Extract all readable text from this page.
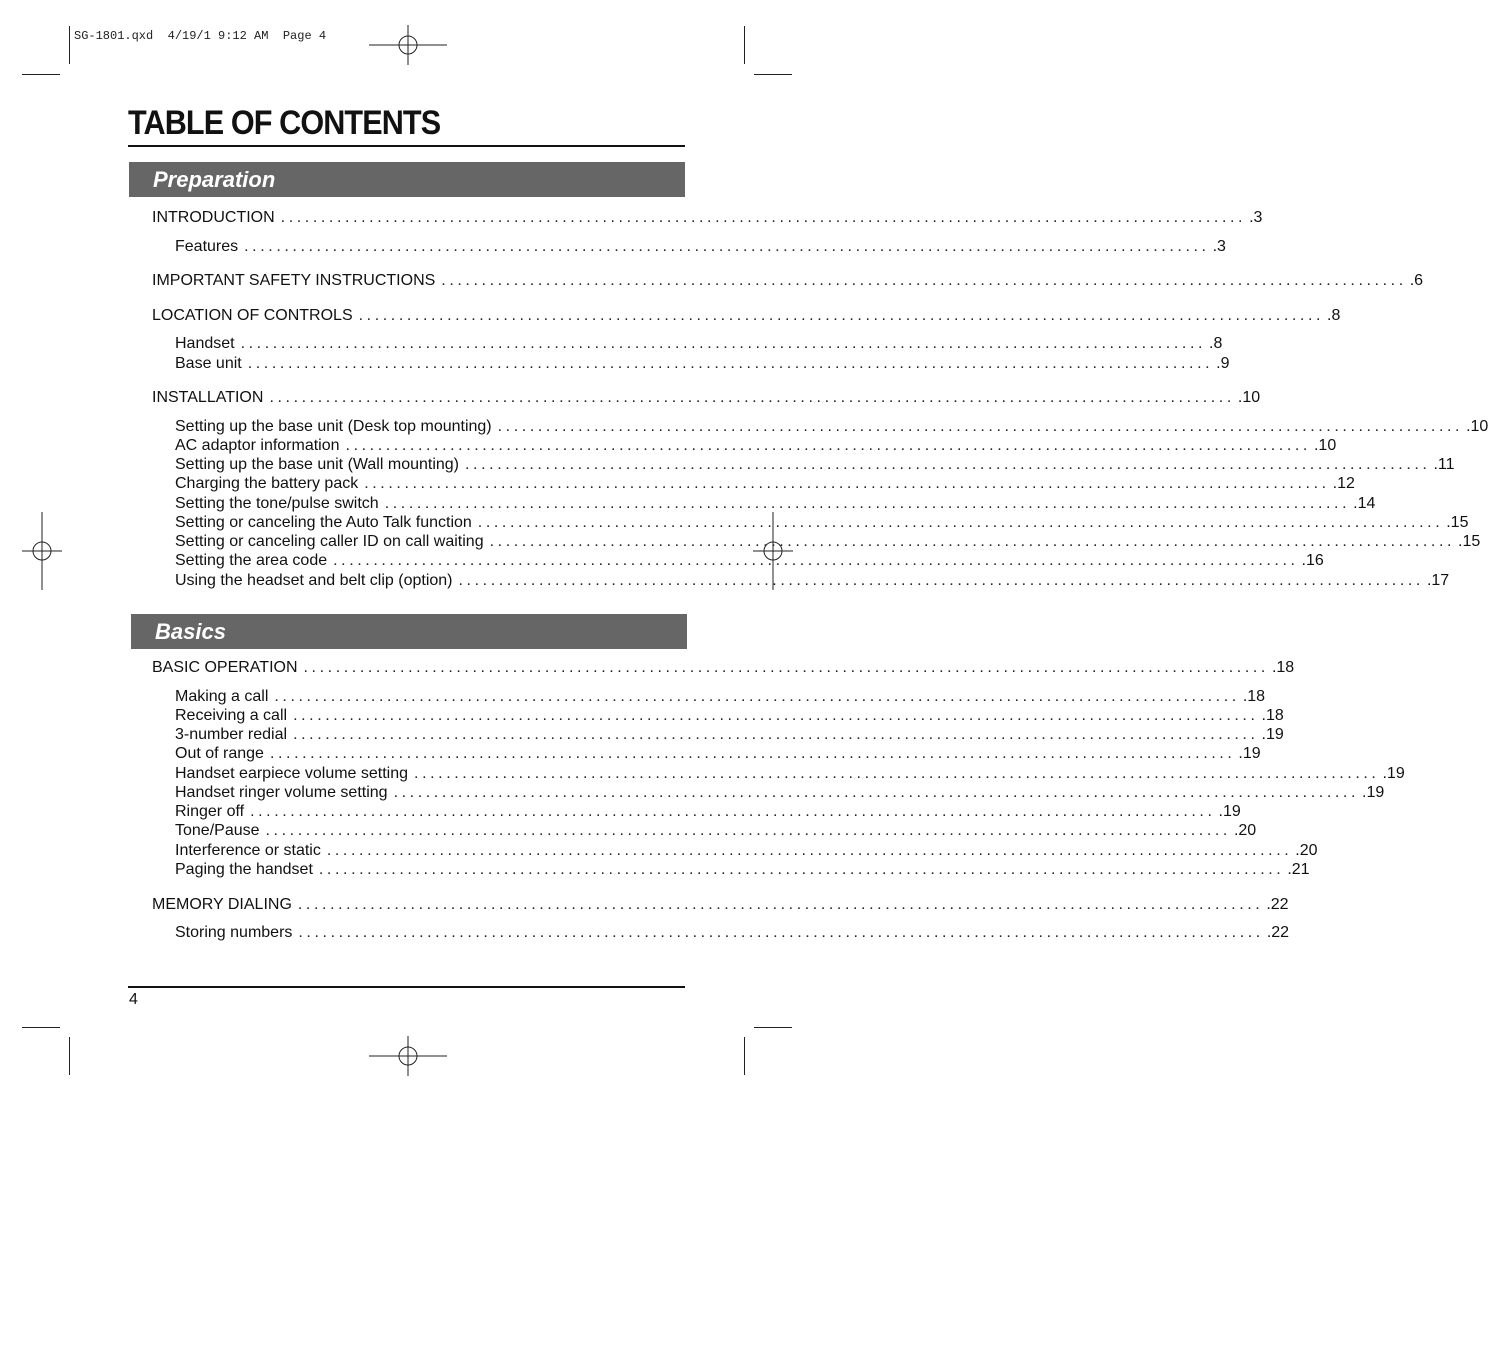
SG-1801.qxd  4/19/1 9:12 AM  Page 4
TABLE OF CONTENTS
Preparation
Basics
INTRODUCTION ........................................................................................................................ .3
Features ........................................................................................................................ .3
IMPORTANT SAFETY INSTRUCTIONS ........................................................................................................................ .6
LOCATION OF CONTROLS ........................................................................................................................ .8
Handset ........................................................................................................................ .8
Base unit ........................................................................................................................ .9
INSTALLATION ........................................................................................................................ .10
Setting up the base unit (Desk top mounting) ........................................................................................................................ .10
AC adaptor information ........................................................................................................................ .10
Setting up the base unit (Wall mounting) ........................................................................................................................ .11
Charging the battery pack ........................................................................................................................ .12
Setting the tone/pulse switch ........................................................................................................................ .14
Setting or canceling the Auto Talk function ........................................................................................................................ .15
Setting or canceling caller ID on call waiting ........................................................................................................................ .15
Setting the area code ........................................................................................................................ .16
Using the headset and belt clip (option) ........................................................................................................................ .17
BASIC OPERATION ........................................................................................................................ .18
Making a call ........................................................................................................................ .18
Receiving a call ........................................................................................................................ .18
3-number redial ........................................................................................................................ .19
Out of range ........................................................................................................................ .19
Handset earpiece volume setting ........................................................................................................................ .19
Handset ringer volume setting ........................................................................................................................ .19
Ringer off ........................................................................................................................ .19
Tone/Pause ........................................................................................................................ .20
Interference or static ........................................................................................................................ .20
Paging the handset ........................................................................................................................ .21
MEMORY DIALING ........................................................................................................................ .22
Storing numbers ........................................................................................................................ .22
4
